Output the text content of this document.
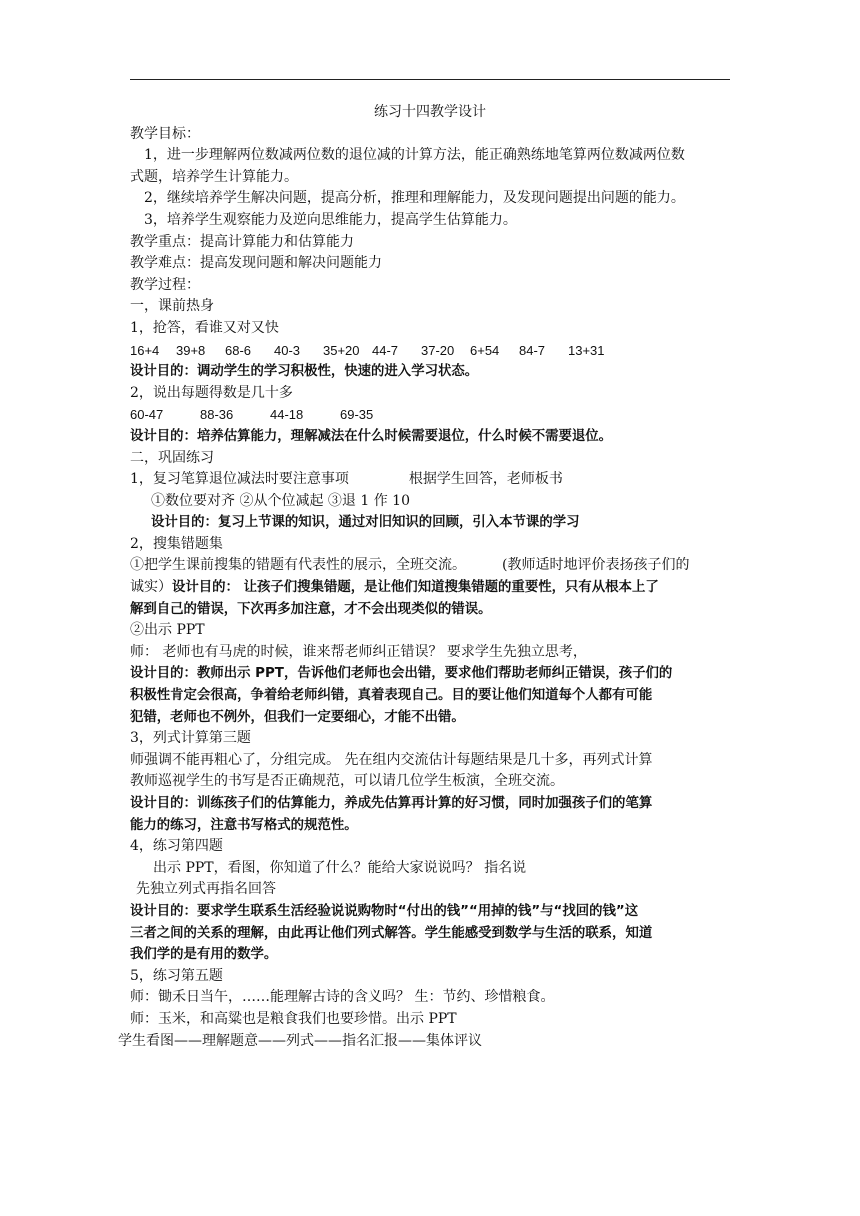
练习十四教学设计
教学目标：
1，进一步理解两位数减两位数的退位减的计算方法，能正确熟练地笔算两位数减两位数
式题，培养学生计算能力。
2，继续培养学生解决问题，提高分析，推理和理解能力，及发现问题提出问题的能力。
3，培养学生观察能力及逆向思维能力，提高学生估算能力。
教学重点：提高计算能力和估算能力
教学难点：提高发现问题和解决问题能力
教学过程：
一，课前热身
1，抢答，看谁又对又快
16+4 39+8 68-6 40-3 35+20 44-7 37-20 6+54 84-7 13+31
设计目的：调动学生的学习积极性，快速的进入学习状态。
2，说出每题得数是几十多
60-47	88-36	44-18	69-35
设计目的：培养估算能力，理解减法在什么时候需要退位，什么时候不需要退位。
二，巩固练习
1，复习笔算退位减法时要注意事项	根据学生回答，老师板书
①数位要对齐 ②从个位减起 ③退 1 作 10
设计目的：复习上节课的知识，通过对旧知识的回顾，引入本节课的学习
2，搜集错题集
①把学生课前搜集的错题有代表性的展示，全班交流。	(教师适时地评价表扬孩子们的
诚实）设计目的： 让孩子们搜集错题，是让他们知道搜集错题的重要性，只有从根本上了
解到自己的错误，下次再多加注意，才不会出现类似的错误。
②出示 PPT
师： 老师也有马虎的时候，谁来帮老师纠正错误？ 要求学生先独立思考，
设计目的：教师出示 PPT，告诉他们老师也会出错，要求他们帮助老师纠正错误，孩子们的
积极性肯定会很高，争着给老师纠错，真着表现自己。目的要让他们知道每个人都有可能
犯错，老师也不例外，但我们一定要细心，才能不出错。
3，列式计算第三题
师强调不能再粗心了，分组完成。 先在组内交流估计每题结果是几十多，再列式计算
教师巡视学生的书写是否正确规范，可以请几位学生板演，全班交流。
设计目的：训练孩子们的估算能力，养成先估算再计算的好习惯，同时加强孩子们的笔算
能力的练习，注意书写格式的规范性。
4，练习第四题
出示 PPT，看图，你知道了什么？能给大家说说吗？ 指名说
先独立列式再指名回答
设计目的：要求学生联系生活经验说说购物时“付出的钱”“用掉的钱”与“找回的钱”这
三者之间的关系的理解，由此再让他们列式解答。学生能感受到数学与生活的联系，知道
我们学的是有用的数学。
5，练习第五题
师：锄禾日当午，……能理解古诗的含义吗？ 生：节约、珍惜粮食。
师：玉米，和高粱也是粮食我们也要珍惜。出示 PPT
学生看图——理解题意——列式——指名汇报——集体评议
